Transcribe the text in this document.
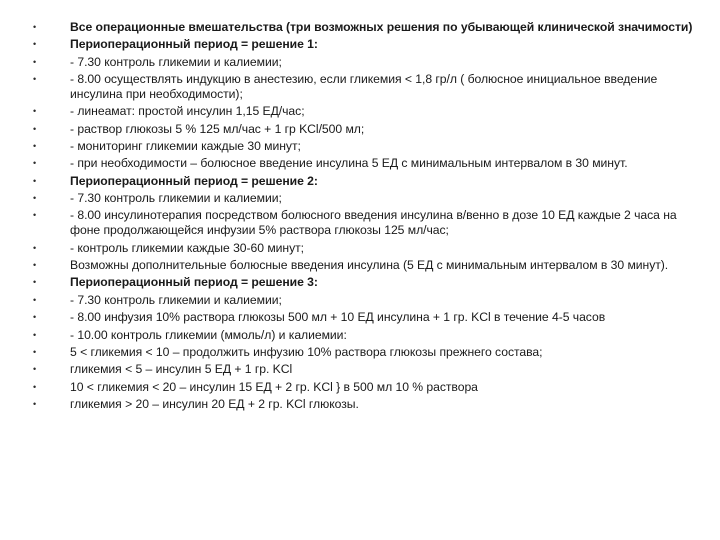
•	Все операционные вмешательства (три возможных решения по убывающей клинической значимости)
•	Периоперационный период = решение 1:
•	- 7.30 контроль гликемии и калиемии;
•	- 8.00 осуществлять индукцию в анестезию, если гликемия < 1,8 гр/л ( болюсное инициальное введение инсулина при необходимости);
•	- линеамат: простой инсулин 1,15 ЕД/час;
•	- раствор глюкозы 5 % 125 мл/час + 1 гр KCl/500 мл;
•	- мониторинг гликемии каждые 30 минут;
•	- при необходимости – болюсное введение инсулина 5 ЕД с минимальным интервалом в 30 минут.
•	Периоперационный период = решение 2:
•	- 7.30 контроль гликемии и калиемии;
•	- 8.00 инсулинотерапия посредством болюсного введения инсулина в/венно в дозе 10 ЕД каждые 2 часа на фоне продолжающейся инфузии 5% раствора глюкозы 125 мл/час;
•	- контроль гликемии каждые 30-60 минут;
•	Возможны дополнительные болюсные введения инсулина (5 ЕД с минимальным интервалом в 30 минут).
•	Периоперационный период = решение 3:
•	- 7.30 контроль гликемии и калиемии;
•	- 8.00 инфузия 10% раствора глюкозы 500 мл + 10 ЕД инсулина + 1 гр. KCl в течение 4-5 часов
•	- 10.00 контроль гликемии (ммоль/л) и калиемии:
•	5 < гликемия < 10 – продолжить инфузию 10% раствора глюкозы прежнего состава;
•	гликемия < 5 – инсулин 5 ЕД + 1 гр. KCl
•	10 < гликемия < 20 – инсулин 15 ЕД + 2 гр. KCl } в 500 мл 10 % раствора
•	гликемия > 20 – инсулин 20 ЕД + 2 гр. KCl глюкозы.
